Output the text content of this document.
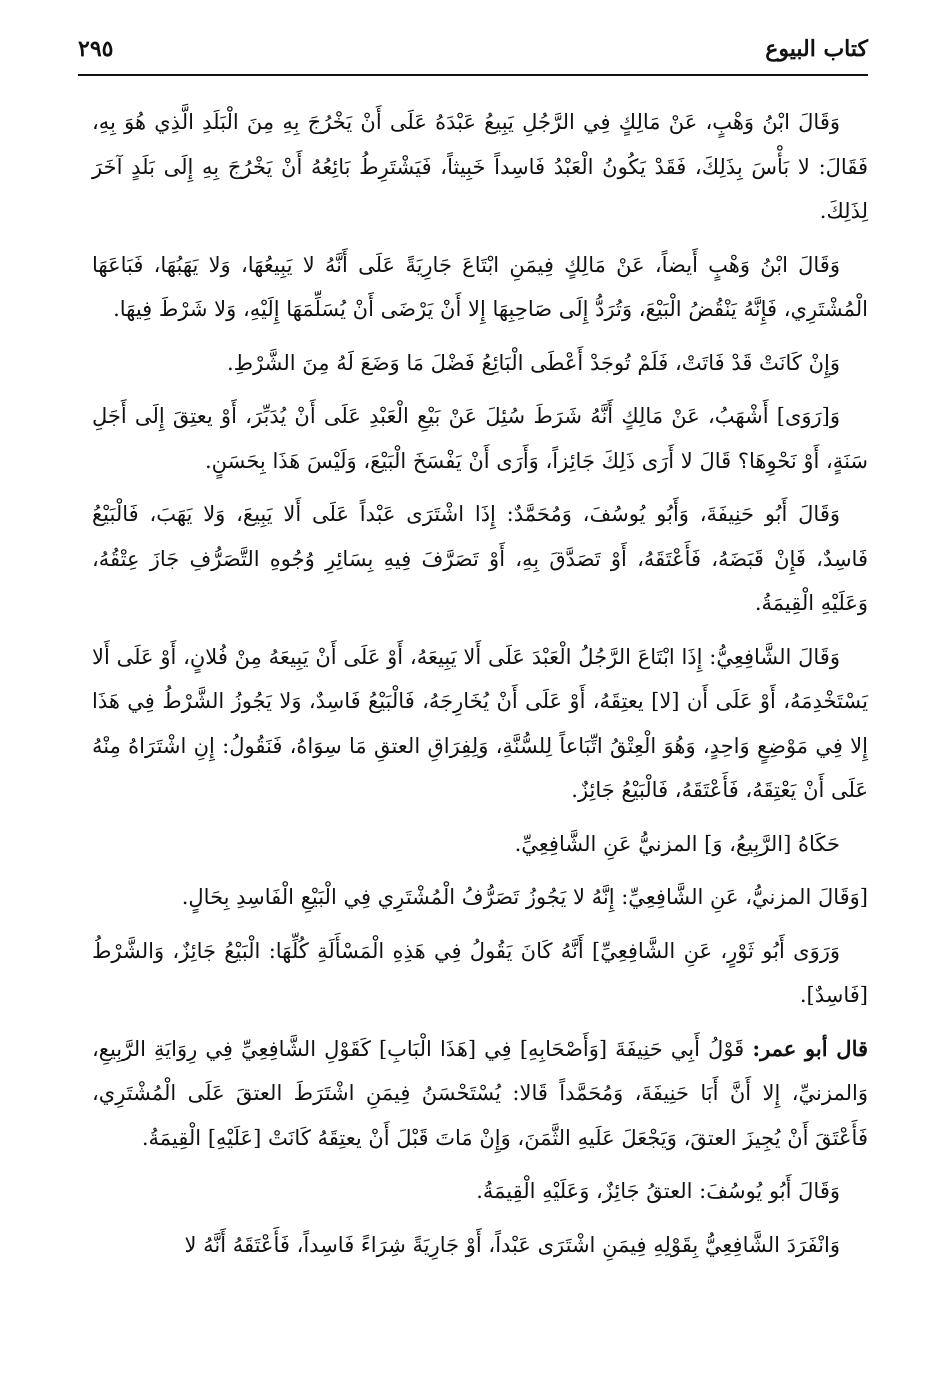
كتاب البيوع
٢٩٥

وَقَالَ ابْنُ وَهْبٍ، عَنْ مَالِكٍ فِي الرَّجُلِ يَبِيعُ عَبْدَهُ عَلَى أَنْ يَخْرُجَ بِهِ مِنَ الْبَلَدِ الَّذِي هُوَ بِهِ، فَقَالَ: لا بَأْسَ بِذَلِكَ، فَقَدْ يَكُونُ الْعَبْدُ فَاسِداً خَبِيثاً، فَيَشْتَرِطُ بَائِعُهُ أَنْ يَخْرُجَ بِهِ إِلَى بَلَدٍ آخَرَ لِذَلِكَ.

وَقَالَ ابْنُ وَهْبٍ أَيضاً، عَنْ مَالِكٍ فِيمَنِ ابْتَاعَ جَارِيَةً عَلَى أَنَّهُ لا يَبِيعُهَا، وَلا يَهَبُهَا، فَبَاعَهَا الْمُشْتَرِي، فَإِنَّهُ يَنْقُضُ الْبَيْعَ، وَتُرَدُّ إِلَى صَاحِبِهَا إِلا أَنْ يَرْضَى أَنْ يُسَلِّمَهَا إِلَيْهِ، وَلا شَرْطَ فِيهَا.

وَإِنْ كَانَتْ قَدْ فَاتَتْ، فَلَمْ تُوجَدْ أَعْطَى الْبَائِعُ فَضْلَ مَا وَضَعَ لَهُ مِنَ الشَّرْطِ.

وَ[رَوَى] أَشْهَبُ، عَنْ مَالِكٍ أَنَّهُ شَرَطَ سُئِلَ عَنْ بَيْعِ الْعَبْدِ عَلَى أَنْ يُدَبِّرَ، أَوْ يعتِقَ إِلَى أَجَلِ سَنَةٍ، أَوْ نَحْوِهَا؟ قَالَ لا أَرَى ذَلِكَ جَائِزاً، وَأَرَى أَنْ يَفْسَخَ الْبَيْعَ، وَلَيْسَ هَذَا بِحَسَنٍ.

وَقَالَ أَبُو حَنِيفَةَ، وَأَبُو يُوسُفَ، وَمُحَمَّدٌ: إِذَا اشْتَرَى عَبْداً عَلَى أَلا يَبِيعَ، وَلا يَهَبَ، فَالْبَيْعُ فَاسِدٌ، فَإِنْ قَبَضَهُ، فَأَعْتَقَهُ، أَوْ تَصَدَّقَ بِهِ، أَوْ تَصَرَّفَ فِيهِ بِسَائِرِ وُجُوهِ التَّصَرُّفِ جَازَ عِتْقُهُ، وَعَلَيْهِ الْقِيمَةُ.

وَقَالَ الشَّافِعِيُّ: إِذَا ابْتَاعَ الرَّجُلُ الْعَبْدَ عَلَى أَلا يَبِيعَهُ، أَوْ عَلَى أَنْ يَبِيعَهُ مِنْ فُلانٍ، أَوْ عَلَى أَلا يَسْتَخْدِمَهُ، أَوْ عَلَى أَن [لا] يعتِقَهُ، أَوْ عَلَى أَنْ يُخَارِجَهُ، فَالْبَيْعُ فَاسِدٌ، وَلا يَجُوزُ الشَّرْطُ فِي هَذَا إِلا فِي مَوْضِعٍ وَاحِدٍ، وَهُوَ الْعِتْقُ اتِّبَاعاً لِلسُّنَّةِ، وَلِفِرَاقِ العتقِ مَا سِوَاهُ، فَنَقُولُ: إِنِ اشْتَرَاهُ مِنْهُ عَلَى أَنْ يَعْتِقَهُ، فَأَعْتَقَهُ، فَالْبَيْعُ جَائِزٌ.

حَكَاهُ [الرَّبِيعُ، وَ] المزنيُّ عَنِ الشَّافِعِيِّ.

[وَقَالَ المزنيُّ، عَنِ الشَّافِعِيِّ: إِنَّهُ لا يَجُوزُ تَصَرُّفُ الْمُشْتَرِي فِي الْبَيْعِ الْفَاسِدِ بِحَالٍ.

وَرَوَى أَبُو ثَوْرٍ، عَنِ الشَّافِعِيِّ] أَنَّهُ كَانَ يَقُولُ فِي هَذِهِ الْمَسْأَلَةِ كُلِّهَا: الْبَيْعُ جَائِزٌ، وَالشَّرْطُ [فَاسِدٌ].

قال أبو عمر: قَوْلُ أَبِي حَنِيفَةَ [وَأَصْحَابِهِ] فِي [هَذَا الْبَابِ] كَقَوْلِ الشَّافِعِيِّ فِي رِوَايَةِ الرَّبِيعِ، وَالمزنيِّ، إِلا أَنَّ أَبَا حَنِيفَةَ، وَمُحَمَّداً قَالا: يُسْتَحْسَنُ فِيمَنِ اشْتَرَطَ العتقَ عَلَى الْمُشْتَرِي، فَأَعْتَقَ أَنْ يُجِيزَ العتقَ، وَيَجْعَلَ عَلَيهِ الثَّمَنَ، وَإِنْ مَاتَ قَبْلَ أَنْ يعتِقَهُ كَانَتْ [عَلَيْهِ] الْقِيمَةُ.

وَقَالَ أَبُو يُوسُفَ: العتقُ جَائِزٌ، وَعَلَيْهِ الْقِيمَةُ.

وَانْفَرَدَ الشَّافِعِيُّ بِقَوْلِهِ فِيمَنِ اشْتَرَى عَبْداً، أَوْ جَارِيَةً شِرَاءً فَاسِداً، فَأَعْتَقَهُ أَنَّهُ لا
